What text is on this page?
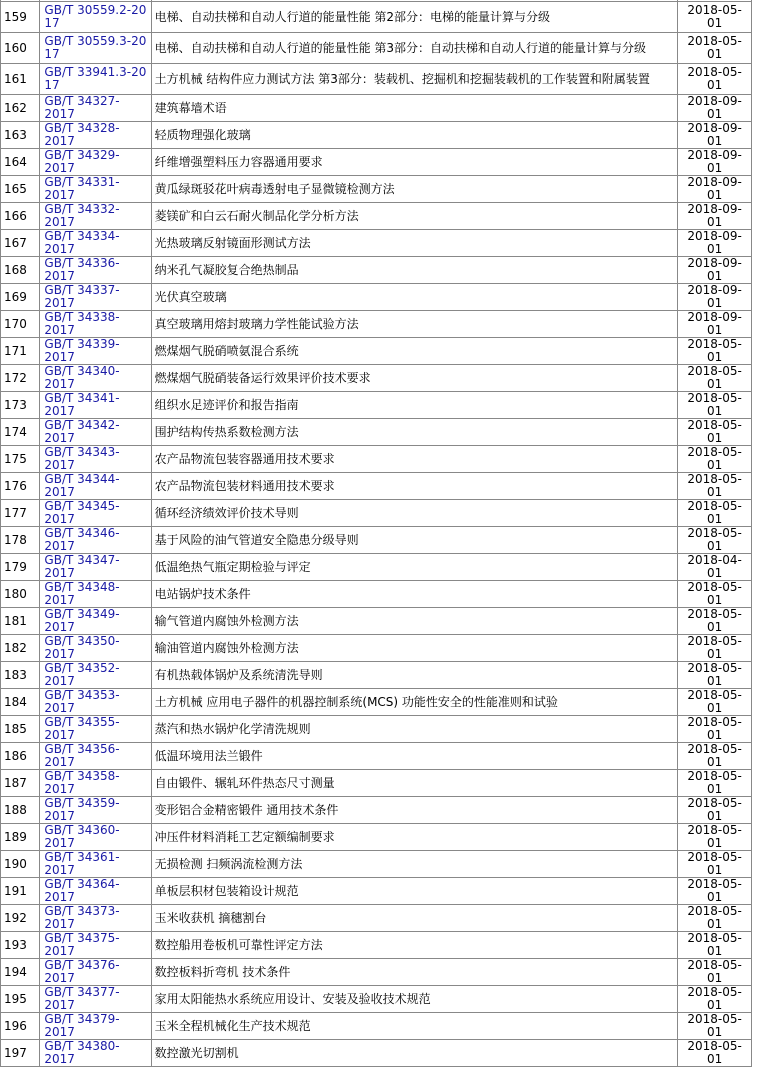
159	GB/T 30559.2-2017	电梯、自动扶梯和自动人行道的能量性能 第2部分：电梯的能量计算与分级	2018-05-01
160	GB/T 30559.3-2017	电梯、自动扶梯和自动人行道的能量性能 第3部分：自动扶梯和自动人行道的能量计算与分级	2018-05-01
161	GB/T 33941.3-2017	土方机械 结构件应力测试方法 第3部分：装载机、挖掘机和挖掘装载机的工作装置和附属装置	2018-05-01
162	GB/T 34327-2017	建筑幕墙术语	2018-09-01
163	GB/T 34328-2017	轻质物理强化玻璃	2018-09-01
164	GB/T 34329-2017	纤维增强塑料压力容器通用要求	2018-09-01
165	GB/T 34331-2017	黄瓜绿斑驳花叶病毒透射电子显微镜检测方法	2018-09-01
166	GB/T 34332-2017	菱镁矿和白云石耐火制品化学分析方法	2018-09-01
167	GB/T 34334-2017	光热玻璃反射镜面形测试方法	2018-09-01
168	GB/T 34336-2017	纳米孔气凝胶复合绝热制品	2018-09-01
169	GB/T 34337-2017	光伏真空玻璃	2018-09-01
170	GB/T 34338-2017	真空玻璃用熔封玻璃力学性能试验方法	2018-09-01
171	GB/T 34339-2017	燃煤烟气脱硝喷氨混合系统	2018-05-01
172	GB/T 34340-2017	燃煤烟气脱硝装备运行效果评价技术要求	2018-05-01
173	GB/T 34341-2017	组织水足迹评价和报告指南	2018-05-01
174	GB/T 34342-2017	围护结构传热系数检测方法	2018-05-01
175	GB/T 34343-2017	农产品物流包装容器通用技术要求	2018-05-01
176	GB/T 34344-2017	农产品物流包装材料通用技术要求	2018-05-01
177	GB/T 34345-2017	循环经济绩效评价技术导则	2018-05-01
178	GB/T 34346-2017	基于风险的油气管道安全隐患分级导则	2018-05-01
179	GB/T 34347-2017	低温绝热气瓶定期检验与评定	2018-04-01
180	GB/T 34348-2017	电站锅炉技术条件	2018-05-01
181	GB/T 34349-2017	输气管道内腐蚀外检测方法	2018-05-01
182	GB/T 34350-2017	输油管道内腐蚀外检测方法	2018-05-01
183	GB/T 34352-2017	有机热载体锅炉及系统清洗导则	2018-05-01
184	GB/T 34353-2017	土方机械 应用电子器件的机器控制系统(MCS) 功能性安全的性能准则和试验	2018-05-01
185	GB/T 34355-2017	蒸汽和热水锅炉化学清洗规则	2018-05-01
186	GB/T 34356-2017	低温环境用法兰锻件	2018-05-01
187	GB/T 34358-2017	自由锻件、辗轧环件热态尺寸测量	2018-05-01
188	GB/T 34359-2017	变形铝合金精密锻件 通用技术条件	2018-05-01
189	GB/T 34360-2017	冲压件材料消耗工艺定额编制要求	2018-05-01
190	GB/T 34361-2017	无损检测 扫频涡流检测方法	2018-05-01
191	GB/T 34364-2017	单板层积材包装箱设计规范	2018-05-01
192	GB/T 34373-2017	玉米收获机 摘穗割台	2018-05-01
193	GB/T 34375-2017	数控船用卷板机可靠性评定方法	2018-05-01
194	GB/T 34376-2017	数控板料折弯机 技术条件	2018-05-01
195	GB/T 34377-2017	家用太阳能热水系统应用设计、安装及验收技术规范	2018-05-01
196	GB/T 34379-2017	玉米全程机械化生产技术规范	2018-05-01
197	GB/T 34380-2017	数控激光切割机	2018-05-01
